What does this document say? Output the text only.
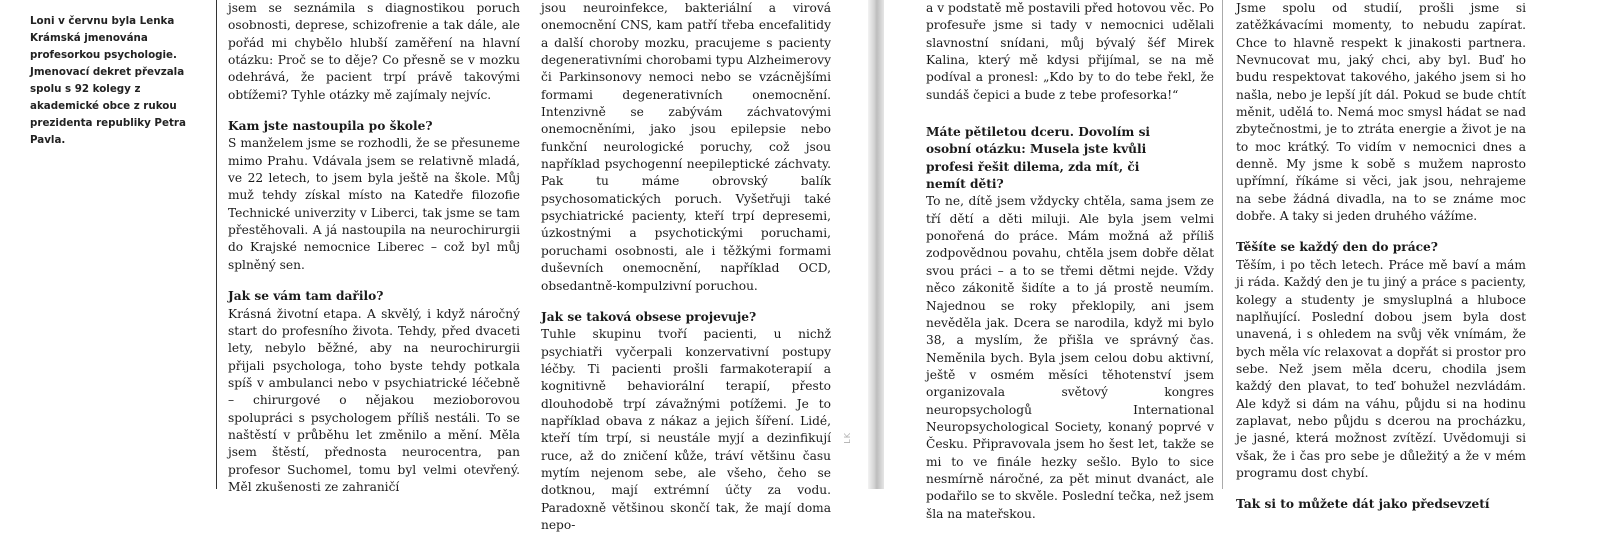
Loni v červnu byla Lenka Krámská jmenována profesorkou psychologie. Jmenovací dekret převzala spolu s 92 kolegy z akademické obce z rukou prezidenta republiky Petra Pavla.

jsem se seznámila s diagnostikou poruch osobnosti, deprese, schizofrenie a tak dále, ale pořád mi chybělo hlubší zaměření na hlavní otázku: Proč se to děje? Co přesně se v mozku odehrává, že pacient trpí právě takovými obtížemi? Tyhle otázky mě zajímaly nejvíc.

Kam jste nastoupila po škole?

S manželem jsme se rozhodli, že se přesuneme mimo Prahu. Vdávala jsem se relativně mladá, ve 22 letech, to jsem byla ještě na škole. Můj muž tehdy získal místo na Katedře filozofie Technické univerzity v Liberci, tak jsme se tam přestěhovali. A já nastoupila na neurochirurgii do Krajské nemocnice Liberec – což byl můj splněný sen.

Jak se vám tam dařilo?

Krásná životní etapa. A skvělý, i když náročný start do profesního života. Tehdy, před dvaceti lety, nebylo běžné, aby na neurochirurgii přijali psychologa, toho byste tehdy potkala spíš v ambulanci nebo v psychiatrické léčebně – chirurgové o nějakou mezioborovou spolupráci s psychologem příliš nestáli. To se naštěstí v průběhu let změnilo a mění. Měla jsem štěstí, přednosta neurocentra, pan profesor Suchomel, tomu byl velmi otevřený. Měl zkušenosti ze zahraničí

jsou neuroinfekce, bakteriální a virová onemocnění CNS, kam patří třeba encefalitidy a další choroby mozku, pracujeme s pacienty degenerativními chorobami typu Alzheimerovy či Parkinsonovy nemoci nebo se vzácnějšími formami degenerativních onemocnění. Intenzivně se zabývám záchvatovými onemocněními, jako jsou epilepsie nebo funkční neurologické poruchy, což jsou například psychogenní neepileptické záchvaty. Pak tu máme obrovský balík psychosomatických poruch. Vyšetřuji také psychiatrické pacienty, kteří trpí depresemi, úzkostnými a psychotickými poruchami, poruchami osobnosti, ale i těžkými formami duševních onemocnění, například OCD, obsedantně-kompulzivní poruchou.

Jak se taková obsese projevuje?

Tuhle skupinu tvoří pacienti, u nichž psychiatři vyčerpali konzervativní postupy léčby. Ti pacienti prošli farmakoterapií a kognitivně behaviorální terapií, přesto dlouhodobě trpí závažnými potížemi. Je to například obava z nákaz a jejich šíření. Lidé, kteří tím trpí, si neustále myjí a dezinfikují ruce, až do zničení kůže, tráví většinu času mytím nejenom sebe, ale všeho, čeho se dotknou, mají extrémní účty za vodu. Paradoxně většinou skončí tak, že mají doma nepo-

LK

a v podstatě mě postavili před hotovou věc. Po profesuře jsme si tady v nemocnici udělali slavnostní snídani, můj bývalý šéf Mirek Kalina, který mě kdysi přijímal, se na mě podíval a pronesl: „Kdo by to do tebe řekl, že sundáš čepici a bude z tebe profesorka!“

Máte pětiletou dceru. Dovolím si osobní otázku: Musela jste kvůli profesi řešit dilema, zda mít, či nemít děti?

To ne, dítě jsem vždycky chtěla, sama jsem ze tří dětí a děti miluji. Ale byla jsem velmi ponořená do práce. Mám možná až příliš zodpovědnou povahu, chtěla jsem dobře dělat svou práci – a to se třemi dětmi nejde. Vždy něco zákonitě šidíte a to já prostě neumím. Najednou se roky překlopily, ani jsem nevěděla jak. Dcera se narodila, když mi bylo 38, a myslím, že přišla ve správný čas. Neměnila bych. Byla jsem celou dobu aktivní, ještě v osmém měsíci těhotenství jsem organizovala světový kongres neuropsychologů International Neuropsychological Society, konaný poprvé v Česku. Připravovala jsem ho šest let, takže se mi to ve finále hezky sešlo. Bylo to sice nesmírně náročné, za pět minut dvanáct, ale podařilo se to skvěle. Poslední tečka, než jsem šla na mateřskou.

Jsme spolu od studií, prošli jsme si zatěžkávacími momenty, to nebudu zapírat. Chce to hlavně respekt k jinakosti partnera. Nevnucovat mu, jaký chci, aby byl. Buď ho budu respektovat takového, jakého jsem si ho našla, nebo je lepší jít dál. Pokud se bude chtít měnit, udělá to. Nemá moc smysl hádat se nad zbytečnostmi, je to ztráta energie a život je na to moc krátký. To vidím v nemocnici dnes a denně. My jsme k sobě s mužem naprosto upřímní, říkáme si věci, jak jsou, nehrajeme na sebe žádná divadla, na to se známe moc dobře. A taky si jeden druhého vážíme.

Těšíte se každý den do práce?

Těším, i po těch letech. Práce mě baví a mám ji ráda. Každý den je tu jiný a práce s pacienty, kolegy a studenty je smysluplná a hluboce naplňující. Poslední dobou jsem byla dost unavená, i s ohledem na svůj věk vnímám, že bych měla víc relaxovat a dopřát si prostor pro sebe. Než jsem měla dceru, chodila jsem každý den plavat, to teď bohužel nezvládám. Ale když si dám na váhu, půjdu si na hodinu zaplavat, nebo půjdu s dcerou na procházku, je jasné, která možnost zvítězí. Uvědomuji si však, že i čas pro sebe je důležitý a že v mém programu dost chybí.

Tak si to můžete dát jako předsevzetí
